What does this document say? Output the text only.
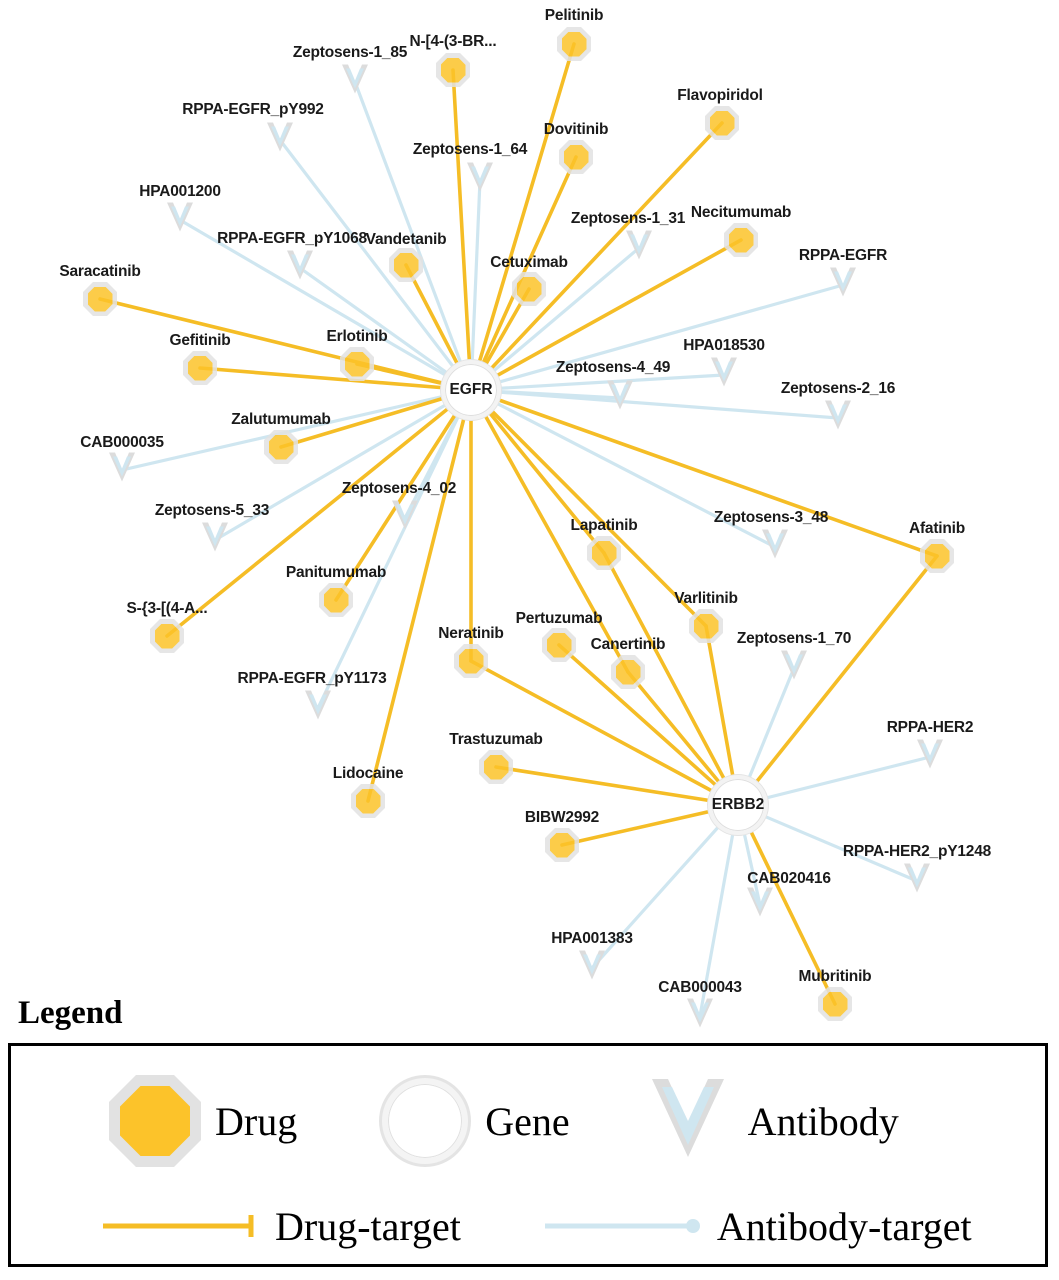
Pelitinib
N-[4-(3-BR...
Flavopiridol
Dovitinib
Vandetanib
Cetuximab
Necitumumab
Saracatinib
Gefitinib	Erlotinib
Zalutumumab
Panitumumab
S-{3-[(4-A...
Lidocaine
Lapatinib
Varlitinib
Afatinib
Pertuzumab
Neratinib
Canertinib
Trastuzumab
BIBW2992
Mubritinib
Zeptosens-1_85
RPPA-EGFR_pY992
Zeptosens-1_64
HPA001200
RPPA-EGFR_pY1068
Zeptosens-1_31
RPPA-EGFR
HPA018530
Zeptosens-4_49
Zeptosens-2_16
CAB000035
Zeptosens-5_33
Zeptosens-4_02
Zeptosens-3_48
RPPA-EGFR_pY1173
Zeptosens-1_70
RPPA-HER2
RPPA-HER2_pY1248
CAB020416
HPA001383
CAB000043
EGFR
ERBB2
Legend
Drug	Gene	Antibody
Drug-target	Antibody-target
